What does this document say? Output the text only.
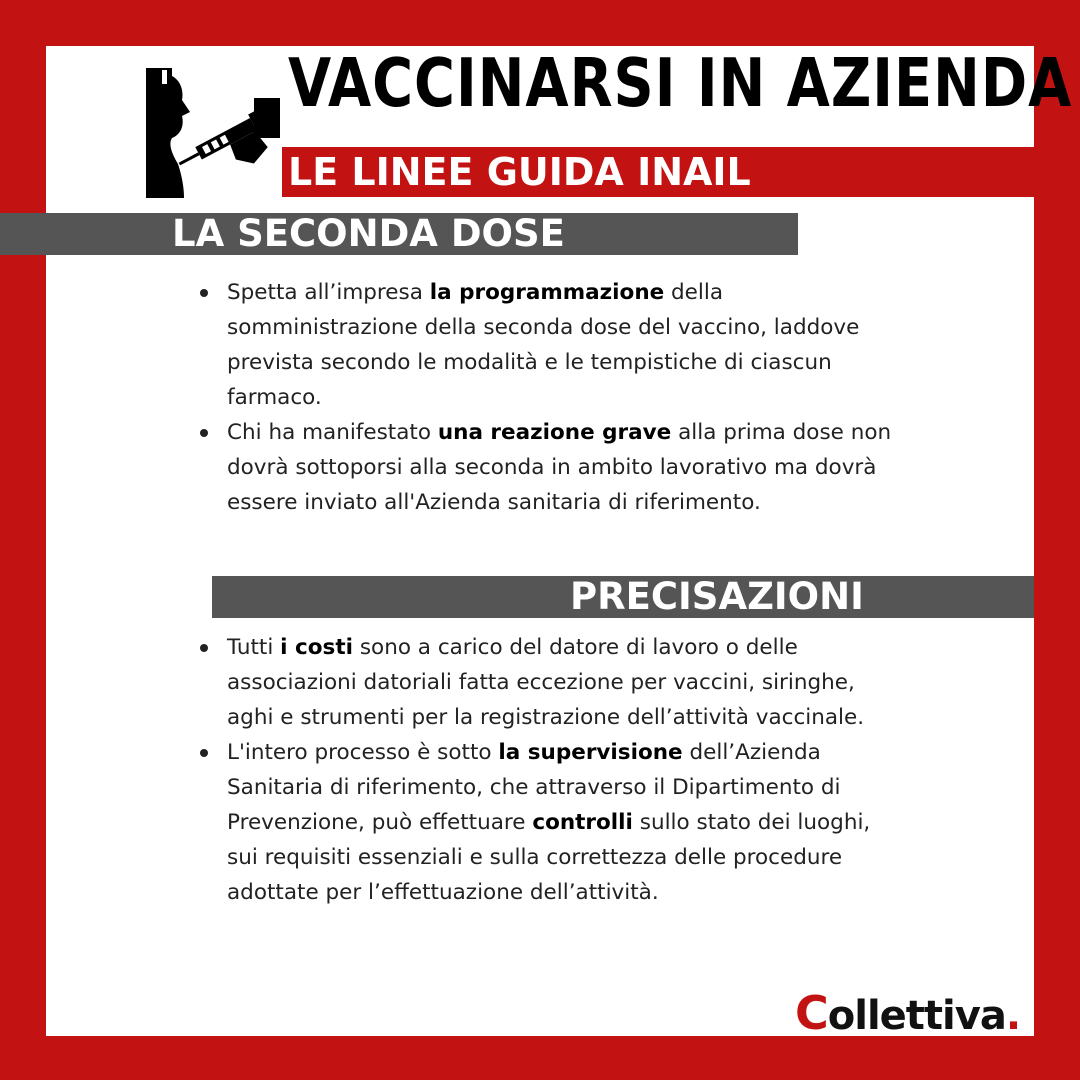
VACCINARSI IN AZIENDA
LE LINEE GUIDA INAIL
LA SECONDA DOSE
Spetta all’impresa la programmazione della somministrazione della seconda dose del vaccino, laddove prevista secondo le modalità e le tempistiche di ciascun farmaco.
Chi ha manifestato una reazione grave alla prima dose non dovrà sottoporsi alla seconda in ambito lavorativo ma dovrà essere inviato all'Azienda sanitaria di riferimento.
PRECISAZIONI
Tutti i costi sono a carico del datore di lavoro o delle associazioni datoriali fatta eccezione per vaccini, siringhe, aghi e strumenti per la registrazione dell’attività vaccinale.
L'intero processo è sotto la supervisione dell’Azienda Sanitaria di riferimento, che attraverso il Dipartimento di Prevenzione, può effettuare controlli sullo stato dei luoghi, sui requisiti essenziali e sulla correttezza delle procedure adottate per l’effettuazione dell’attività.
Collettiva.
